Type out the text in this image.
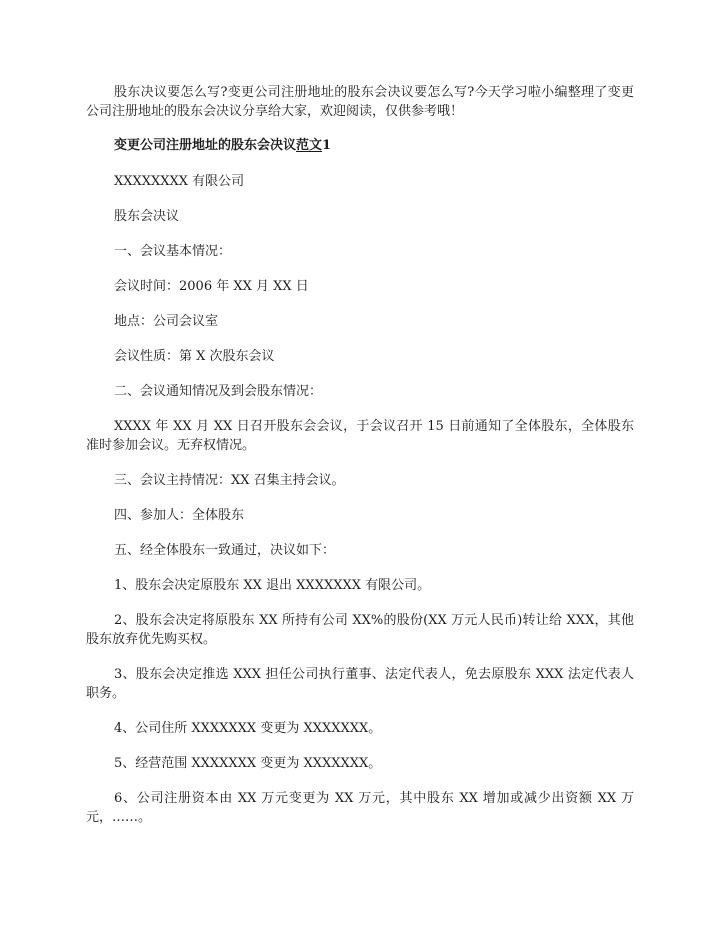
股东决议要怎么写?变更公司注册地址的股东会决议要怎么写?今天学习啦小编整理了变更公司注册地址的股东会决议分享给大家，欢迎阅读，仅供参考哦！

变更公司注册地址的股东会决议范文1

XXXXXXXX 有限公司

股东会决议

一、会议基本情况：

会议时间：2006 年 XX 月 XX 日

地点：公司会议室

会议性质：第 X 次股东会议

二、会议通知情况及到会股东情况：

XXXX 年 XX 月 XX 日召开股东会会议，于会议召开 15 日前通知了全体股东，全体股东准时参加会议。无弃权情况。

三、会议主持情况：XX 召集主持会议。

四、参加人：全体股东

五、经全体股东一致通过，决议如下：

1、股东会决定原股东 XX 退出 XXXXXXX 有限公司。

2、股东会决定将原股东 XX 所持有公司 XX%的股份(XX 万元人民币)转让给 XXX，其他股东放弃优先购买权。

3、股东会决定推选 XXX 担任公司执行董事、法定代表人，免去原股东 XXX 法定代表人职务。

4、公司住所 XXXXXXX 变更为 XXXXXXX。

5、经营范围 XXXXXXX 变更为 XXXXXXX。

6、公司注册资本由 XX 万元变更为 XX 万元，其中股东 XX 增加或减少出资额 XX 万元，……。
